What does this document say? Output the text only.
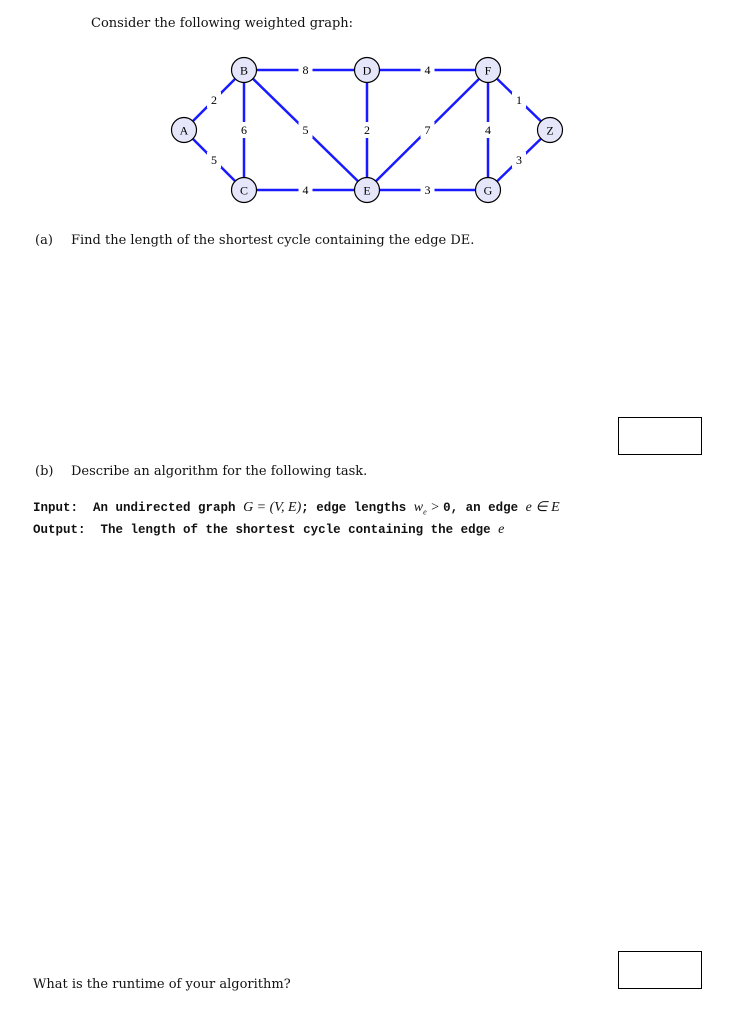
Consider the following weighted graph:
2
5
6
8
5	2
4
4
7
3
4
1
3
A
B
C
D
E
F
G
Z
(a) Find the length of the shortest cycle containing the edge DE.
(b) Describe an algorithm for the following task.
Input: An undirected graph G = (V, E); edge lengths $w_e > 0$, an edge e ∈ E
Output: The length of the shortest cycle containing the edge e
What is the runtime of your algorithm?
